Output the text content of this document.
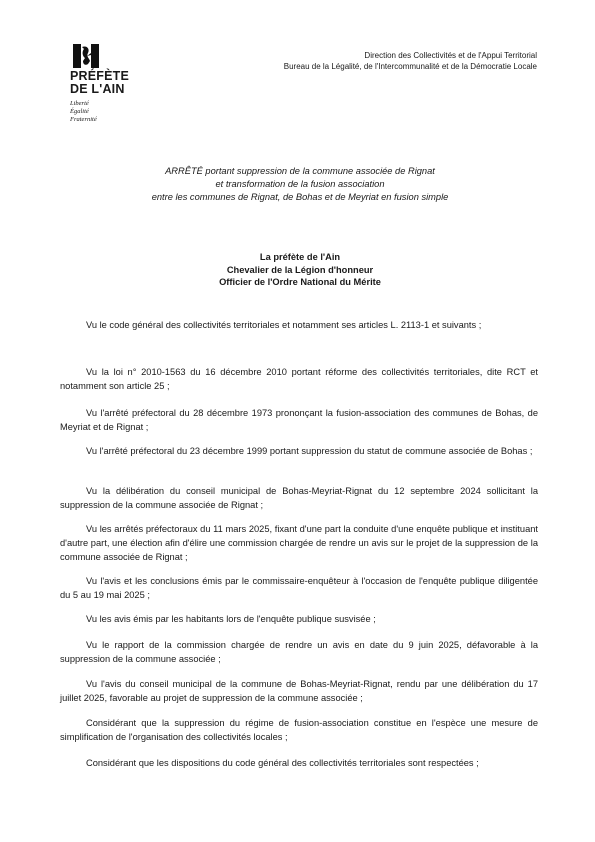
PRÉFÈTE
DE L'AIN
Liberté
Égalité
Fraternité
Direction des Collectivités et de l'Appui Territorial
Bureau de la Légalité, de l'Intercommunalité et de la Démocratie Locale
ARRÊTÉ portant suppression de la commune associée de Rignat
et transformation de la fusion association
entre les communes de Rignat, de Bohas et de Meyriat en fusion simple
La préfète de l'Ain
Chevalier de la Légion d'honneur
Officier de l'Ordre National du Mérite

Vu le code général des collectivités territoriales et notamment ses articles L. 2113-1 et suivants ;

Vu la loi n° 2010-1563 du 16 décembre 2010 portant réforme des collectivités territoriales, dite RCT et notamment son article 25 ;

Vu l'arrêté préfectoral du 28 décembre 1973 prononçant la fusion-association des communes de Bohas, de Meyriat et de Rignat ;

Vu l'arrêté préfectoral du 23 décembre 1999 portant suppression du statut de commune associée de Bohas ;

Vu la délibération du conseil municipal de Bohas-Meyriat-Rignat du 12 septembre 2024 sollicitant la suppression de la commune associée de Rignat ;

Vu les arrêtés préfectoraux du 11 mars 2025, fixant d'une part la conduite d'une enquête publique et instituant d'autre part, une élection afin d'élire une commission chargée de rendre un avis sur le projet de la suppression de la commune associée de Rignat ;

Vu l'avis et les conclusions émis par le commissaire-enquêteur à l'occasion de l'enquête publique diligentée du 5 au 19 mai 2025 ;

Vu les avis émis par les habitants lors de l'enquête publique susvisée ;

Vu le rapport de la commission chargée de rendre un avis en date du 9 juin 2025, défavorable à la suppression de la commune associée ;

Vu l'avis du conseil municipal de la commune de Bohas-Meyriat-Rignat, rendu par une délibération du 17 juillet 2025, favorable au projet de suppression de la commune associée ;

Considérant que la suppression du régime de fusion-association constitue en l'espèce une mesure de simplification de l'organisation des collectivités locales ;

Considérant que les dispositions du code général des collectivités territoriales sont respectées ;
